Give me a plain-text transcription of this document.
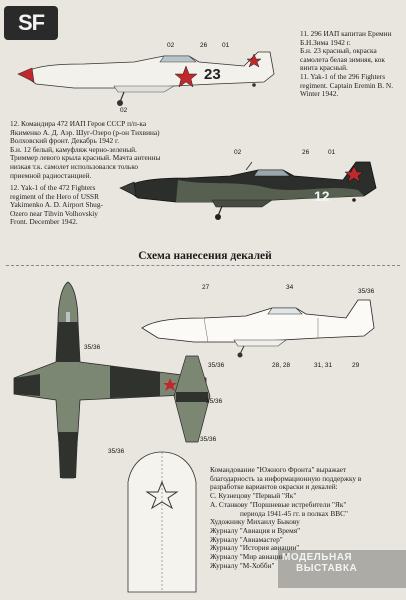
SF	11. 296 ИАП капитан Еремин

Б.Н.Зима 1942 г.

Б.н. 23 красный, окраска

самолета белая зимняя, кок

винта красный.

11. Yak-1 of the 296 Fighters

regiment. Captain Eremin B. N.

Winter 1942.

23
02	26 01
02

12. Командира 472 ИАП Героя СССР п/п-ка

Якименко А. Д. Аэр. Шуг-Озеро (р-он Тихвина)

Волховский фронт. Декабрь 1942 г.

Б.н. 12 белый, камуфляж черно-зеленый.

Триммер левого крыла красный. Мачта антенны

низкая т.к. самолет использовался только

приемной радиостанцией.

12. Yak-1 of the 472 Fighters

regiment of the Hero of USSR

Yakimenko A. D. Airport Shug-

Ozero near Tihvin Volhovskiy

Front. December 1942.

12
02	26	01
Схема нанесения декалей
27	34
35/36
35/36
35/36	28, 28	31, 31	29
35/36
35/36
35/36

Командование "Южного Фронта" выражает

благодарность за информационную поддержку в

разработке вариантов окраски и декалей:

С. Кузнецову "Первый "Як"

А. Станкову "Поршневые истребители "Як"

периода 1941-45 гг. в полках ВВС"

Художнику Михаилу Быкову

Журналу "Авиация и Время"

Журналу "Авиамастер"

Журналу "История авиации"

Журналу "Мир авиации"

Журналу "М-Хобби"

МОДЕЛЬНАЯ
ВЫСТАВКА
